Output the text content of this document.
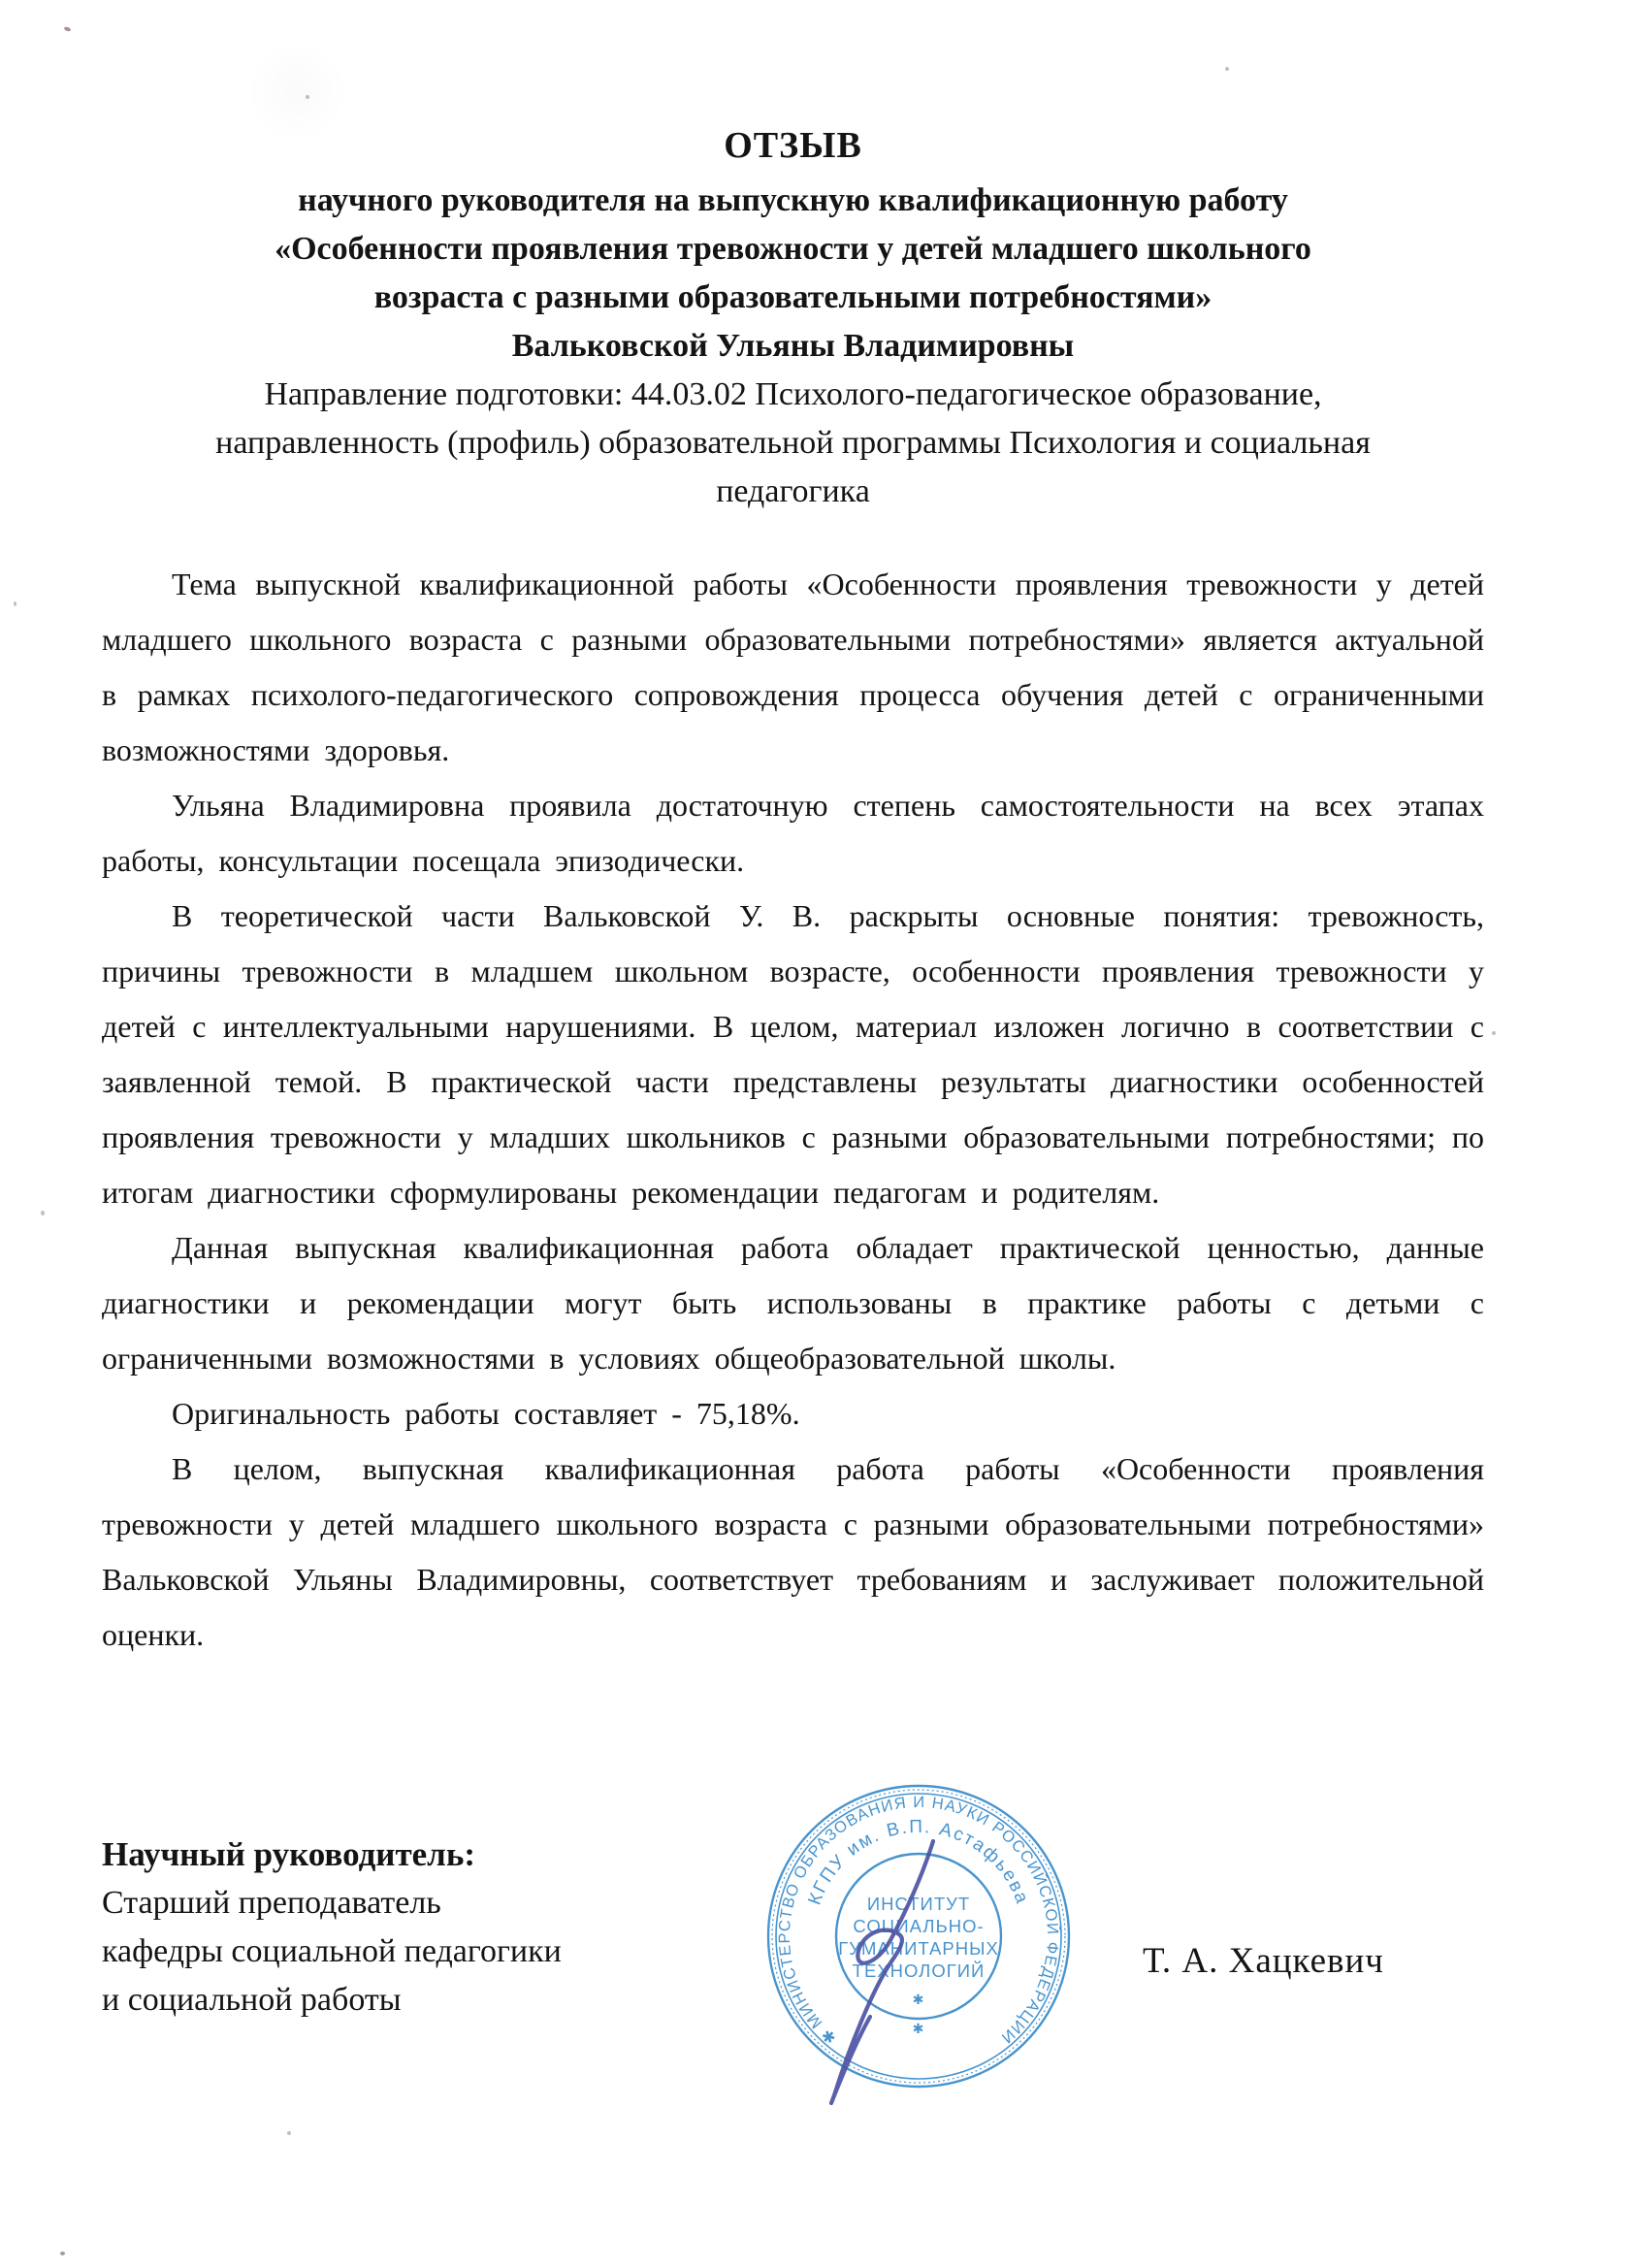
ОТЗЫВ
научного руководителя на выпускную квалификационную работу
«Особенности проявления тревожности у детей младшего школьного
возраста с разными образовательными потребностями»
Вальковской Ульяны Владимировны
Направление подготовки: 44.03.02 Психолого-педагогическое образование,
направленность (профиль) образовательной программы Психология и социальная
педагогика

Тема выпускной квалификационной работы «Особенности проявления тревожности у детей младшего школьного возраста с разными образовательными потребностями» является актуальной в рамках психолого-педагогического сопровождения процесса обучения детей с ограниченными возможностями здоровья.

Ульяна Владимировна проявила достаточную степень самостоятельности на всех этапах работы, консультации посещала эпизодически.

В теоретической части Вальковской У. В. раскрыты основные понятия: тревожность, причины тревожности в младшем школьном возрасте, особенности проявления тревожности у детей с интеллектуальными нарушениями. В целом, материал изложен логично в соответствии с заявленной темой. В практической части представлены результаты диагностики особенностей проявления тревожности у младших школьников с разными образовательными потребностями; по итогам диагностики сформулированы рекомендации педагогам и родителям.

Данная выпускная квалификационная работа обладает практической ценностью, данные диагностики и рекомендации могут быть использованы в практике работы с детьми с ограниченными возможностями в условиях общеобразовательной школы.

Оригинальность работы составляет - 75,18%.

В целом, выпускная квалификационная работа работы «Особенности проявления тревожности у детей младшего школьного возраста с разными образовательными потребностями» Вальковской Ульяны Владимировны, соответствует требованиям и заслуживает положительной оценки.

Научный руководитель:
Старший преподаватель
кафедры социальной педагогики
и социальной работы
✱ МИНИСТЕРСТВО ОБРАЗОВАНИЯ И НАУКИ РОССИЙСКОЙ ФЕДЕРАЦИИ
КГПУ им. В.П. Астафьева
ИНСТИТУТ
СОЦИАЛЬНО-
ГУМАНИТАРНЫХ
ТЕХНОЛОГИЙ
✱
✱
Т. А. Хацкевич
